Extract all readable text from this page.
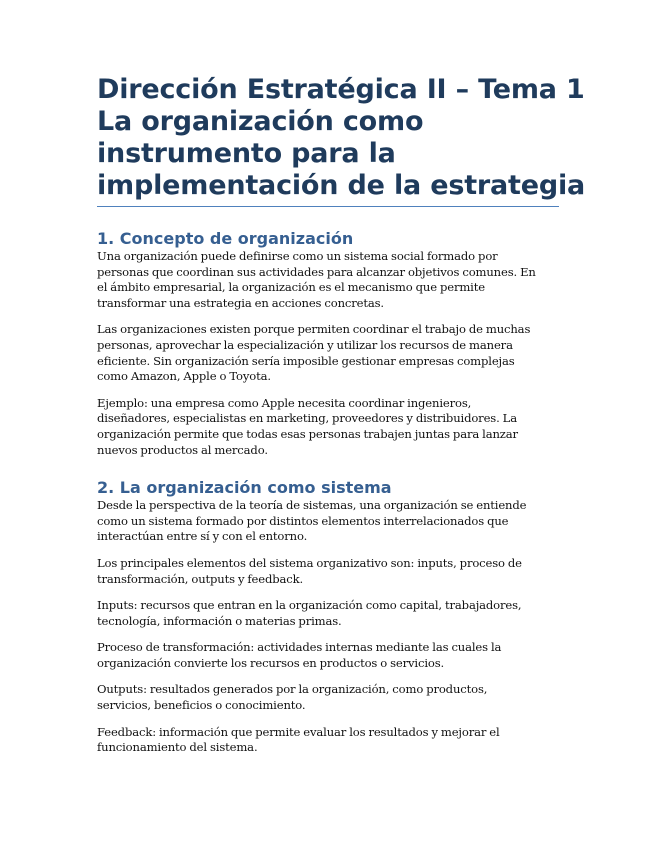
Dirección Estratégica II – Tema 1
La organización como
instrumento para la
implementación de la estrategia
1. Concepto de organización

Una organización puede definirse como un sistema social formado por
personas que coordinan sus actividades para alcanzar objetivos comunes. En
el ámbito empresarial, la organización es el mecanismo que permite
transformar una estrategia en acciones concretas.

Las organizaciones existen porque permiten coordinar el trabajo de muchas
personas, aprovechar la especialización y utilizar los recursos de manera
eficiente. Sin organización sería imposible gestionar empresas complejas
como Amazon, Apple o Toyota.

Ejemplo: una empresa como Apple necesita coordinar ingenieros,
diseñadores, especialistas en marketing, proveedores y distribuidores. La
organización permite que todas esas personas trabajen juntas para lanzar
nuevos productos al mercado.

2. La organización como sistema

Desde la perspectiva de la teoría de sistemas, una organización se entiende
como un sistema formado por distintos elementos interrelacionados que
interactúan entre sí y con el entorno.

Los principales elementos del sistema organizativo son: inputs, proceso de
transformación, outputs y feedback.

Inputs: recursos que entran en la organización como capital, trabajadores,
tecnología, información o materias primas.

Proceso de transformación: actividades internas mediante las cuales la
organización convierte los recursos en productos o servicios.

Outputs: resultados generados por la organización, como productos,
servicios, beneficios o conocimiento.

Feedback: información que permite evaluar los resultados y mejorar el
funcionamiento del sistema.
